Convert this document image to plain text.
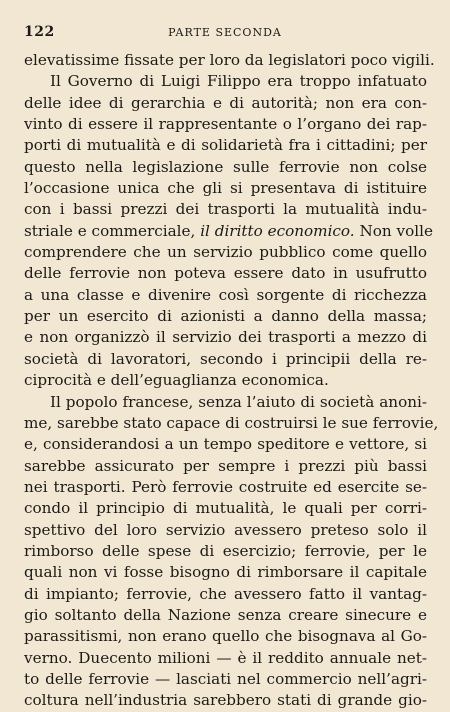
122	PARTE SECONDA
elevatissime fissate per loro da legislatori poco vigili.
Il Governo di Luigi Filippo era troppo infatuato
delle idee di gerarchia e di autorità; non era con-
vinto di essere il rappresentante o l’organo dei rap-
porti di mutualità e di solidarietà fra i cittadini; per
questo nella legislazione sulle ferrovie non colse
l’occasione unica che gli si presentava di istituire
con i bassi prezzi dei trasporti la mutualità indu-
striale e commerciale, il diritto economico. Non volle
comprendere che un servizio pubblico come quello
delle ferrovie non poteva essere dato in usufrutto
a una classe e divenire così sorgente di ricchezza
per un esercito di azionisti a danno della massa;
e non organizzò il servizio dei trasporti a mezzo di
società di lavoratori, secondo i principii della re-
ciprocità e dell’eguaglianza economica.
Il popolo francese, senza l’aiuto di società anoni-
me, sarebbe stato capace di costruirsi le sue ferrovie,
e, considerandosi a un tempo speditore e vettore, si
sarebbe assicurato per sempre i prezzi più bassi
nei trasporti. Però ferrovie costruite ed esercite se-
condo il principio di mutualità, le quali per corri-
spettivo del loro servizio avessero preteso solo il
rimborso delle spese di esercizio; ferrovie, per le
quali non vi fosse bisogno di rimborsare il capitale
di impianto; ferrovie, che avessero fatto il vantag-
gio soltanto della Nazione senza creare sinecure e
parassitismi, non erano quello che bisognava al Go-
verno. Duecento milioni — è il reddito annuale net-
to delle ferrovie — lasciati nel commercio nell’agri-
coltura nell’industria sarebbero stati di grande gio-
